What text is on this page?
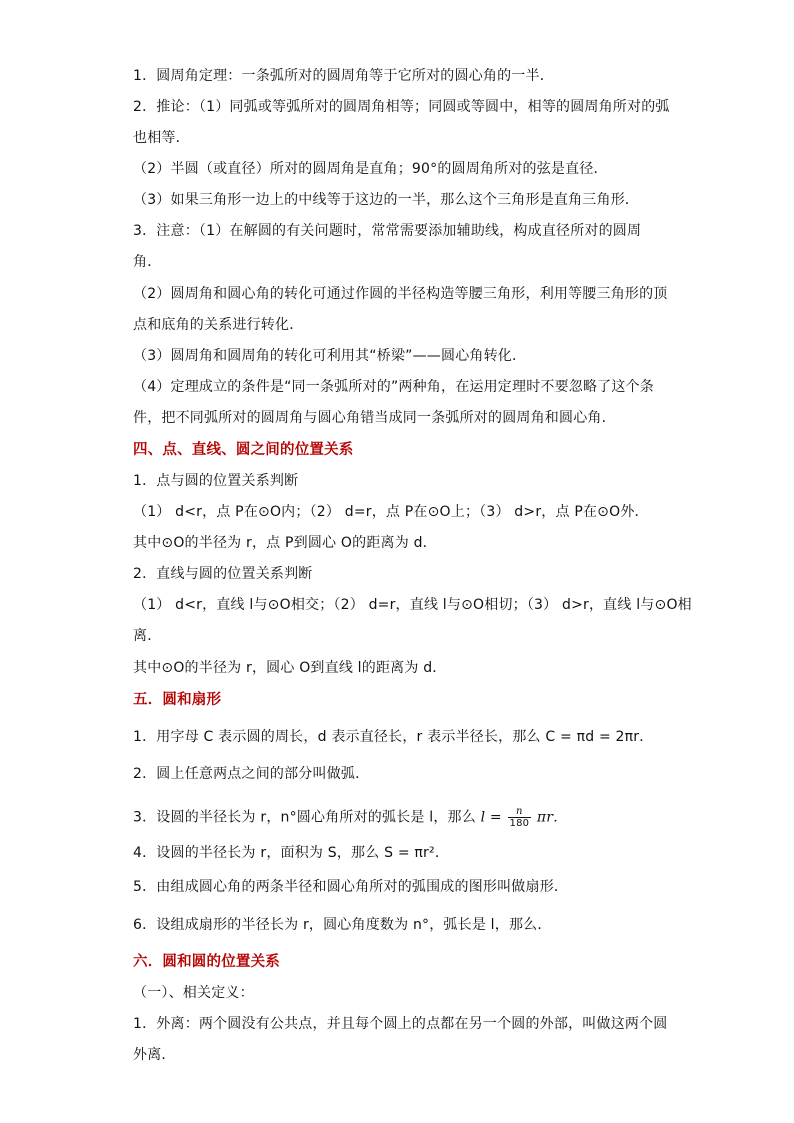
1．圆周角定理：一条弧所对的圆周角等于它所对的圆心角的一半．
2．推论：（1）同弧或等弧所对的圆周角相等；同圆或等圆中，相等的圆周角所对的弧
也相等．
（2）半圆（或直径）所对的圆周角是直角；90°的圆周角所对的弦是直径．
（3）如果三角形一边上的中线等于这边的一半，那么这个三角形是直角三角形．
3．注意：（1）在解圆的有关问题时，常常需要添加辅助线，构成直径所对的圆周
角．
（2）圆周角和圆心角的转化可通过作圆的半径构造等腰三角形，利用等腰三角形的顶
点和底角的关系进行转化．
（3）圆周角和圆周角的转化可利用其“桥梁”——圆心角转化．
（4）定理成立的条件是“同一条弧所对的”两种角，在运用定理时不要忽略了这个条
件，把不同弧所对的圆周角与圆心角错当成同一条弧所对的圆周角和圆心角．
四、点、直线、圆之间的位置关系
1．点与圆的位置关系判断
（1） d<r，点 P在⊙O内；（2） d=r，点 P在⊙O上；（3） d>r，点 P在⊙O外．
其中⊙O的半径为 r，点 P到圆心 O的距离为 d．
2．直线与圆的位置关系判断
（1） d<r，直线 l与⊙O相交；（2） d=r，直线 l与⊙O相切；（3） d>r，直线 l与⊙O相
离．
其中⊙O的半径为 r，圆心 O到直线 l的距离为 d．
五．圆和扇形
1．用字母 C 表示圆的周长，d 表示直径长，r 表示半径长，那么 C = πd = 2πr．
2．圆上任意两点之间的部分叫做弧．
3．设圆的半径长为 r，n°圆心角所对的弧长是 l，那么 $l = \frac{n}{180}$ πr．
4．设圆的半径长为 r，面积为 S，那么 S = πr²．
5．由组成圆心角的两条半径和圆心角所对的弧围成的图形叫做扇形．
6．设组成扇形的半径长为 r，圆心角度数为 n°，弧长是 l，那么．
六．圆和圆的位置关系
（一）、相关定义：
1．外离：两个圆没有公共点，并且每个圆上的点都在另一个圆的外部，叫做这两个圆
外离．
